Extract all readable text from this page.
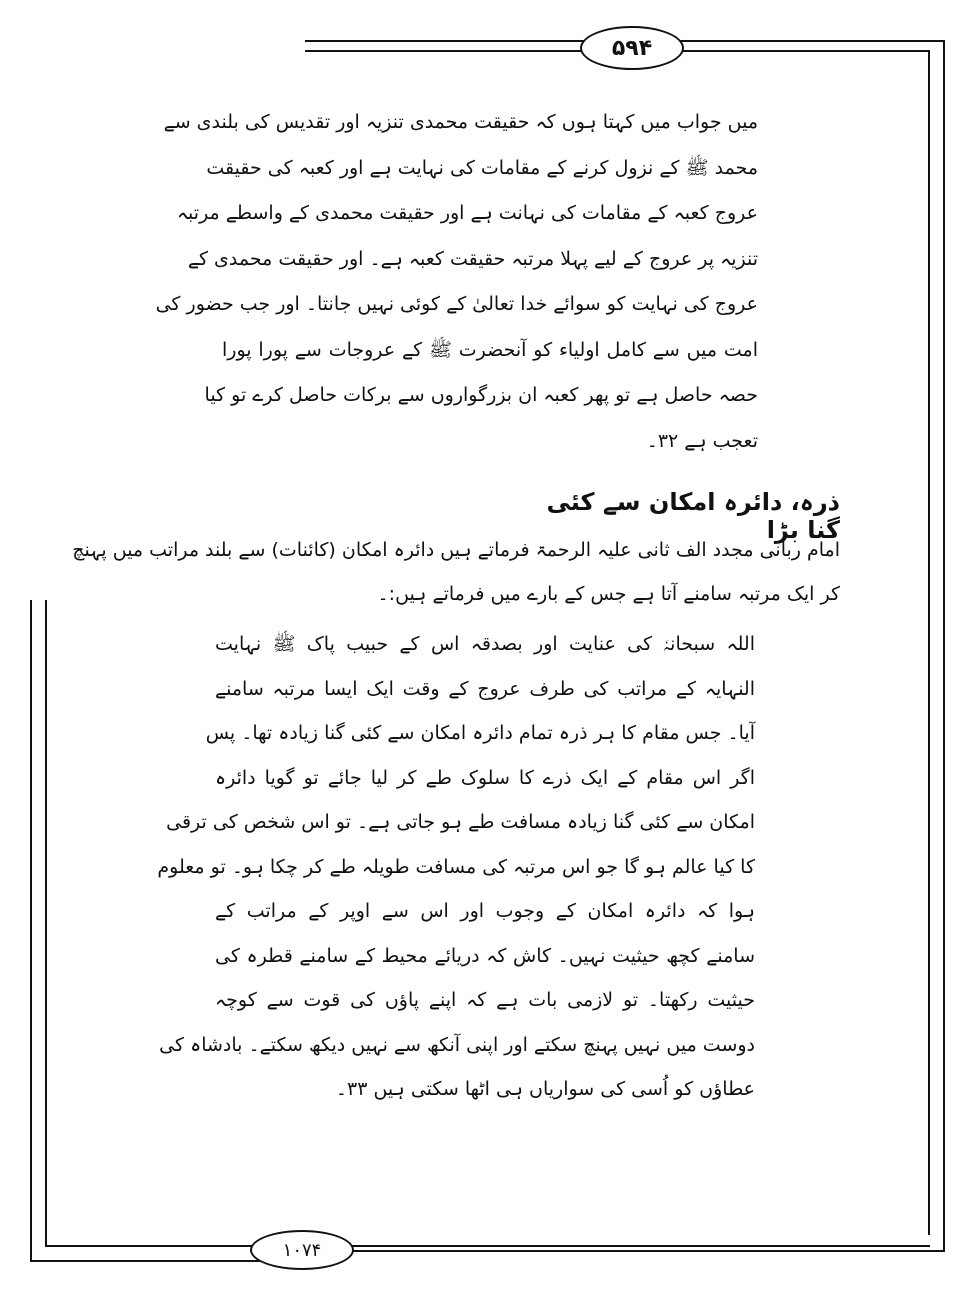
۵۹۴
میں جواب میں کہتا ہوں کہ حقیقت محمدی تنزیہ اور تقدیس کی بلندی سے
محمد ﷺ کے نزول کرنے کے مقامات کی نہایت ہے اور کعبہ کی حقیقت
عروج کعبہ کے مقامات کی نہانت ہے اور حقیقت محمدی کے واسطے مرتبہ
تنزیہ پر عروج کے لیے پہلا مرتبہ حقیقت کعبہ ہے۔ اور حقیقت محمدی کے
عروج کی نہایت کو سوائے خدا تعالیٰ کے کوئی نہیں جانتا۔ اور جب حضور کی
امت میں سے کامل اولیاء کو آنحضرت ﷺ کے عروجات سے پورا پورا
حصہ حاصل ہے تو پھر کعبہ ان بزرگواروں سے برکات حاصل کرے تو کیا
تعجب ہے ۳۲۔
ذرہ، دائرہ امکان سے کئی گنا بڑا
امام ربانی مجدد الف ثانی علیہ الرحمۃ فرماتے ہیں دائرہ امکان (کائنات) سے بلند مراتب میں پہنچ
کر ایک مرتبہ سامنے آتا ہے جس کے بارے میں فرماتے ہیں:۔
اللہ سبحانہٗ کی عنایت اور بصدقہ اس کے حبیب پاک ﷺ نہایت
النہایہ کے مراتب کی طرف عروج کے وقت ایک ایسا مرتبہ سامنے
آیا۔ جس مقام کا ہر ذرہ تمام دائرہ امکان سے کئی گنا زیادہ تھا۔ پس
اگر اس مقام کے ایک ذرے کا سلوک طے کر لیا جائے تو گویا دائرہ
امکان سے کئی گنا زیادہ مسافت طے ہو جاتی ہے۔ تو اس شخص کی ترقی
کا کیا عالم ہو گا جو اس مرتبہ کی مسافت طویلہ طے کر چکا ہو۔ تو معلوم
ہوا کہ دائرہ امکان کے وجوب اور اس سے اوپر کے مراتب کے
سامنے کچھ حیثیت نہیں۔ کاش کہ دریائے محیط کے سامنے قطرہ کی
حیثیت رکھتا۔ تو لازمی بات ہے کہ اپنے پاؤں کی قوت سے کوچہ
دوست میں نہیں پہنچ سکتے اور اپنی آنکھ سے نہیں دیکھ سکتے۔ بادشاہ کی
عطاؤں کو اُسی کی سواریاں ہی اٹھا سکتی ہیں ۳۳۔
۱۰۷۴
